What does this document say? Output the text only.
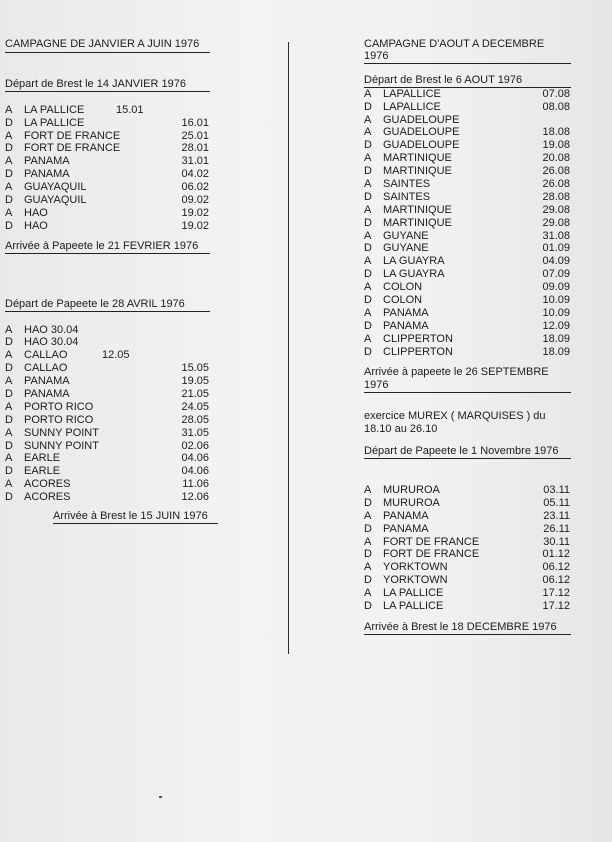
CAMPAGNE DE JANVIER A JUIN 1976
Départ de Brest le 14 JANVIER 1976
A	LA PALLICE	15.01
D	LA PALLICE	16.01
A	FORT DE FRANCE	25.01
D	FORT DE FRANCE	28.01
A	PANAMA	31.01
D	PANAMA	04.02
A	GUAYAQUIL	06.02
D	GUAYAQUIL	09.02
A	HAO	19.02
D	HAO	19.02
Arrivée à Papeete le 21 FEVRIER 1976
Départ de Papeete le 28 AVRIL 1976
A	HAO 30.04
D	HAO 30.04
A	CALLAO	12.05
D	CALLAO	15.05
A	PANAMA	19.05
D	PANAMA	21.05
A	PORTO RICO	24.05
D	PORTO RICO	28.05
A	SUNNY POINT	31.05
D	SUNNY POINT	02.06
A	EARLE	04.06
D	EARLE	04.06
A	ACORES	11.06
D	ACORES	12.06
Arrivée à Brest le 15 JUIN 1976
CAMPAGNE D'AOUT A DECEMBRE
1976
Départ de Brest le 6 AOUT 1976
A	LAPALLICE	07.08
D	LAPALLICE	08.08
A	GUADELOUPE
A	GUADELOUPE	18.08
D	GUADELOUPE	19.08
A	MARTINIQUE	20.08
D	MARTINIQUE	26.08
A	SAINTES	26.08
D	SAINTES	28.08
A	MARTINIQUE	29.08
D	MARTINIQUE	29.08
A	GUYANE	31.08
D	GUYANE	01.09
A	LA GUAYRA	04.09
D	LA GUAYRA	07.09
A	COLON	09.09
D	COLON	10.09
A	PANAMA	10.09
D	PANAMA	12.09
A	CLIPPERTON	18.09
D	CLIPPERTON	18.09
Arrivée à papeete le 26 SEPTEMBRE
1976
exercice MUREX ( MARQUISES ) du
18.10 au 26.10
Départ de Papeete le 1 Novembre 1976
A	MURUROA	03.11
D	MURUROA	05.11
A	PANAMA	23.11
D	PANAMA	26.11
A	FORT DE FRANCE	30.11
D	FORT DE FRANCE	01.12
A	YORKTOWN	06.12
D	YORKTOWN	06.12
A	LA PALLICE	17.12
D	LA PALLICE	17.12
Arrivée à Brest le 18 DECEMBRE 1976
